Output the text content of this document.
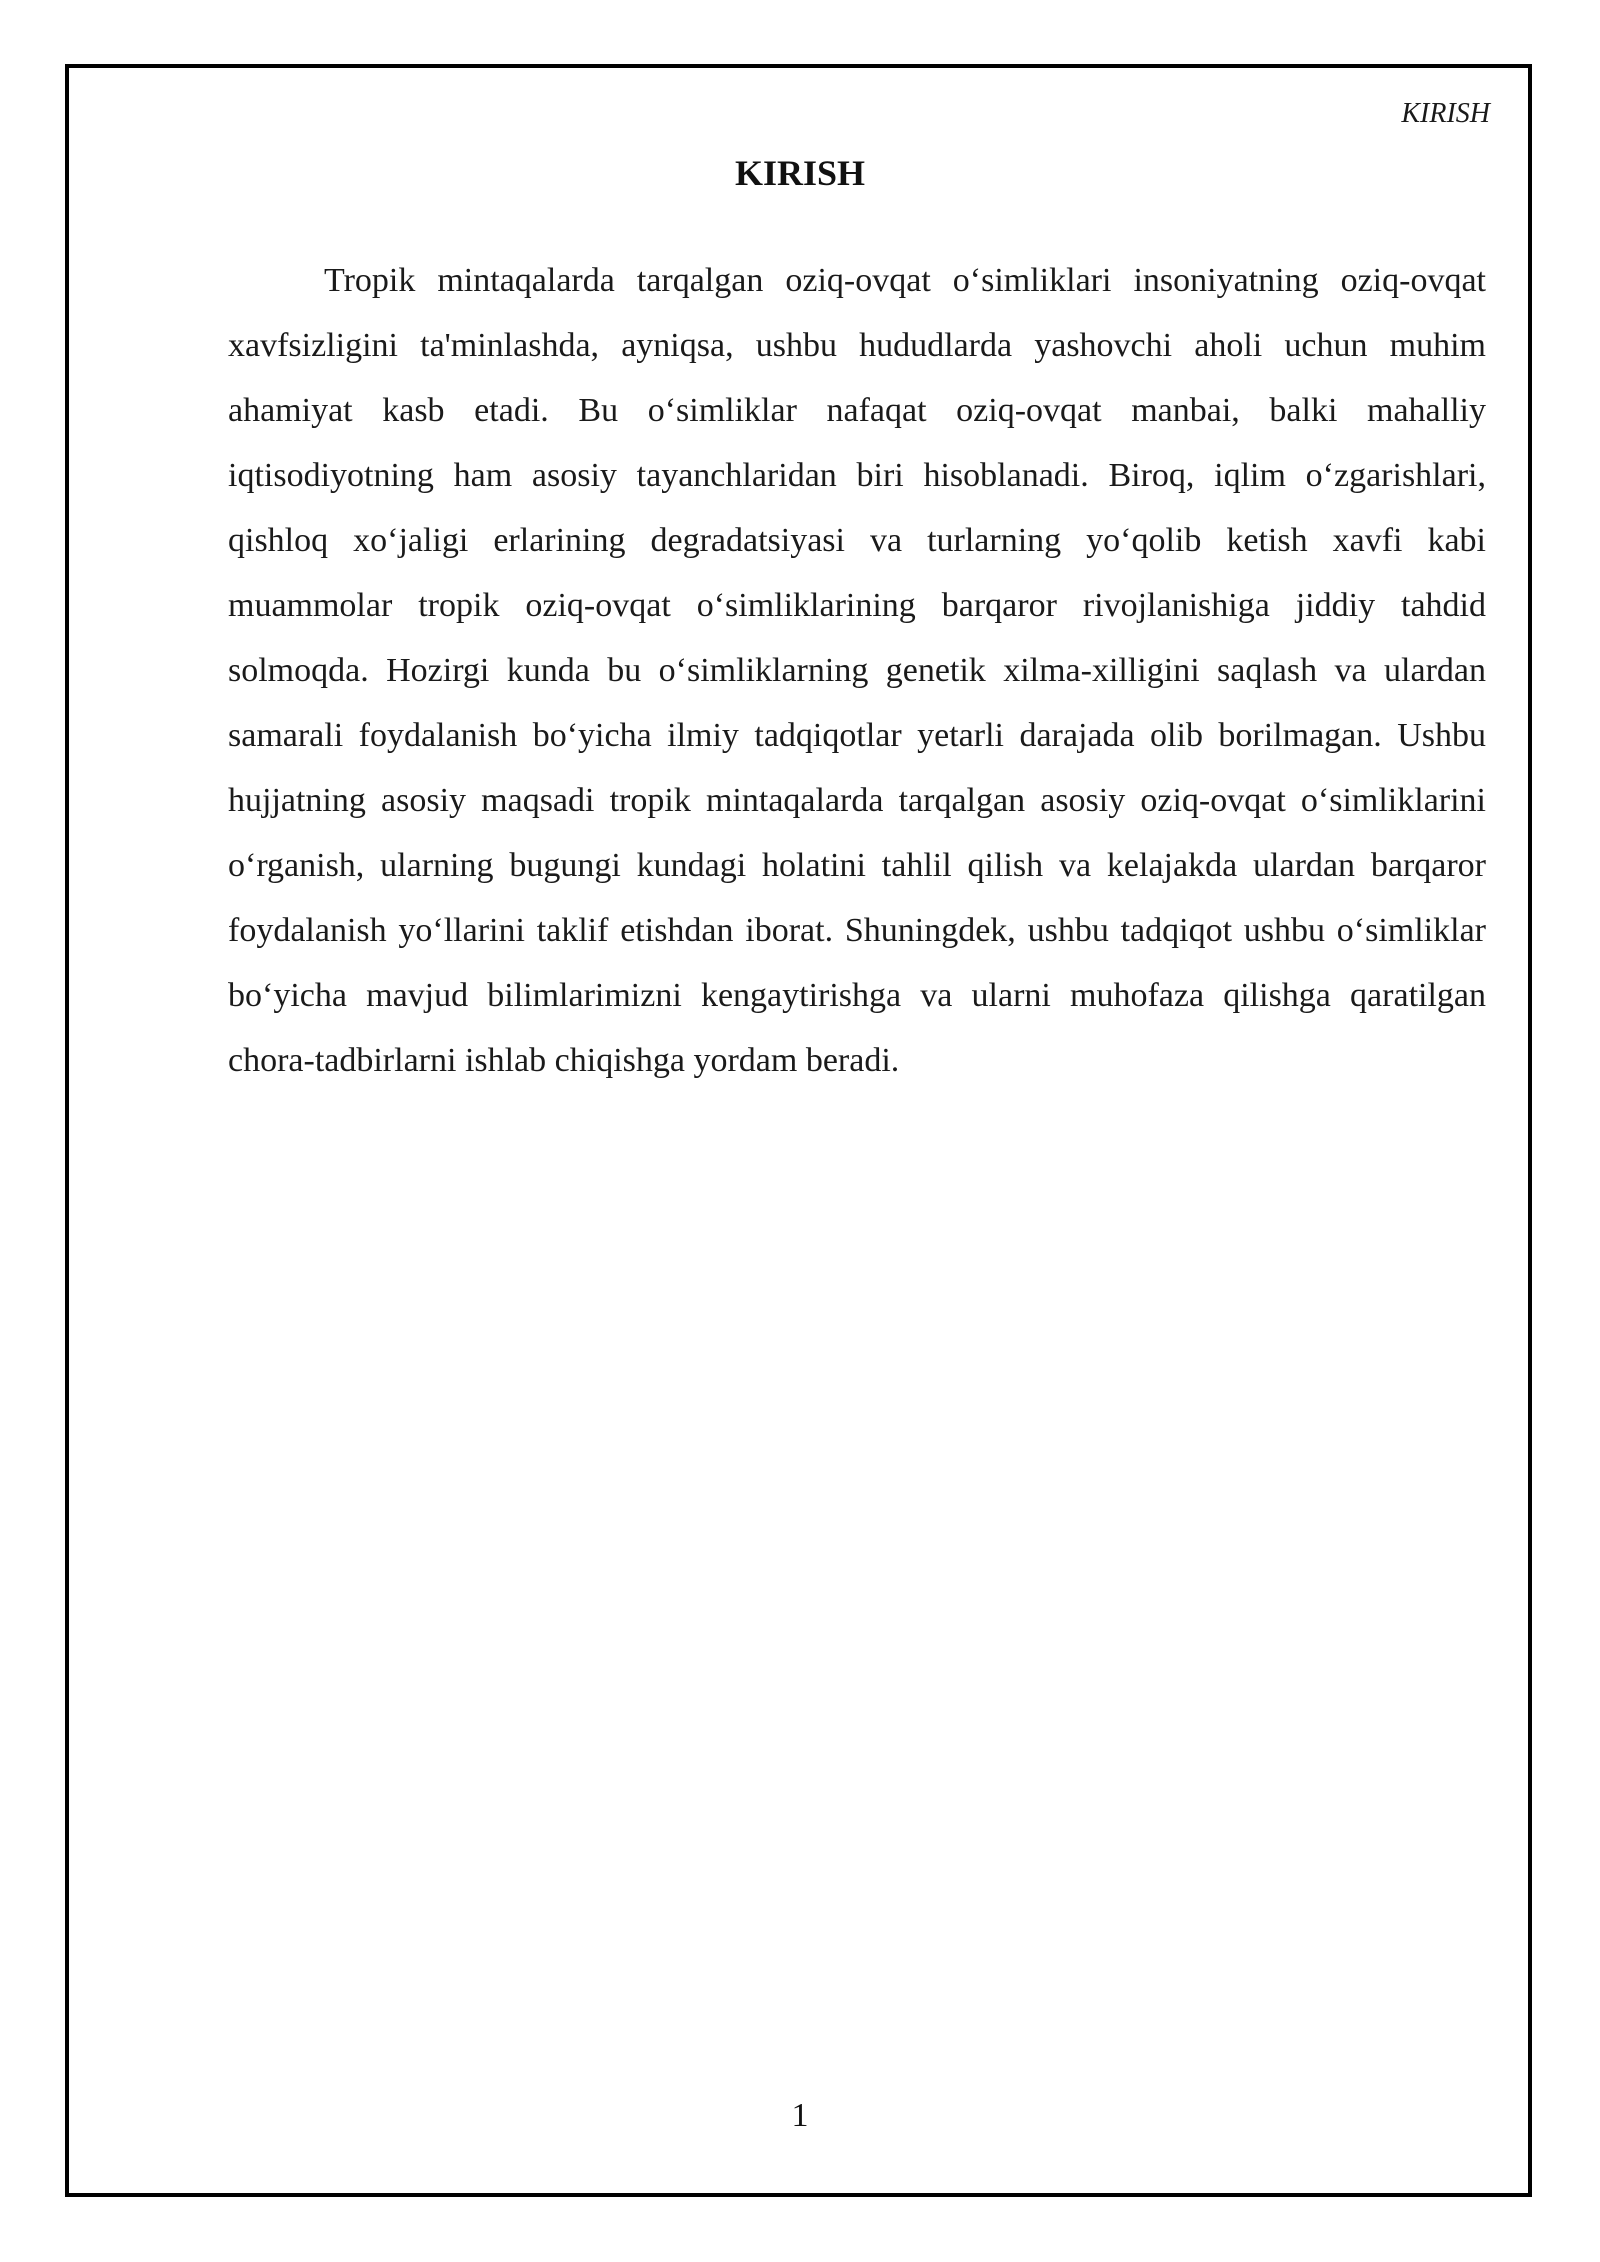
KIRISH
KIRISH

Tropik mintaqalarda tarqalgan oziq-ovqat o‘simliklari insoniyatning oziq-ovqat xavfsizligini ta'minlashda, ayniqsa, ushbu hududlarda yashovchi aholi uchun muhim ahamiyat kasb etadi. Bu o‘simliklar nafaqat oziq-ovqat manbai, balki mahalliy iqtisodiyotning ham asosiy tayanchlaridan biri hisoblanadi. Biroq, iqlim o‘zgarishlari, qishloq xo‘jaligi erlarining degradatsiyasi va turlarning yo‘qolib ketish xavfi kabi muammolar tropik oziq-ovqat o‘simliklarining barqaror rivojlanishiga jiddiy tahdid solmoqda. Hozirgi kunda bu o‘simliklarning genetik xilma-xilligini saqlash va ulardan samarali foydalanish bo‘yicha ilmiy tadqiqotlar yetarli darajada olib borilmagan. Ushbu hujjatning asosiy maqsadi tropik mintaqalarda tarqalgan asosiy oziq-ovqat o‘simliklarini o‘rganish, ularning bugungi kundagi holatini tahlil qilish va kelajakda ulardan barqaror foydalanish yo‘llarini taklif etishdan iborat. Shuningdek, ushbu tadqiqot ushbu o‘simliklar bo‘yicha mavjud bilimlarimizni kengaytirishga va ularni muhofaza qilishga qaratilgan chora-tadbirlarni ishlab chiqishga yordam beradi.

1
